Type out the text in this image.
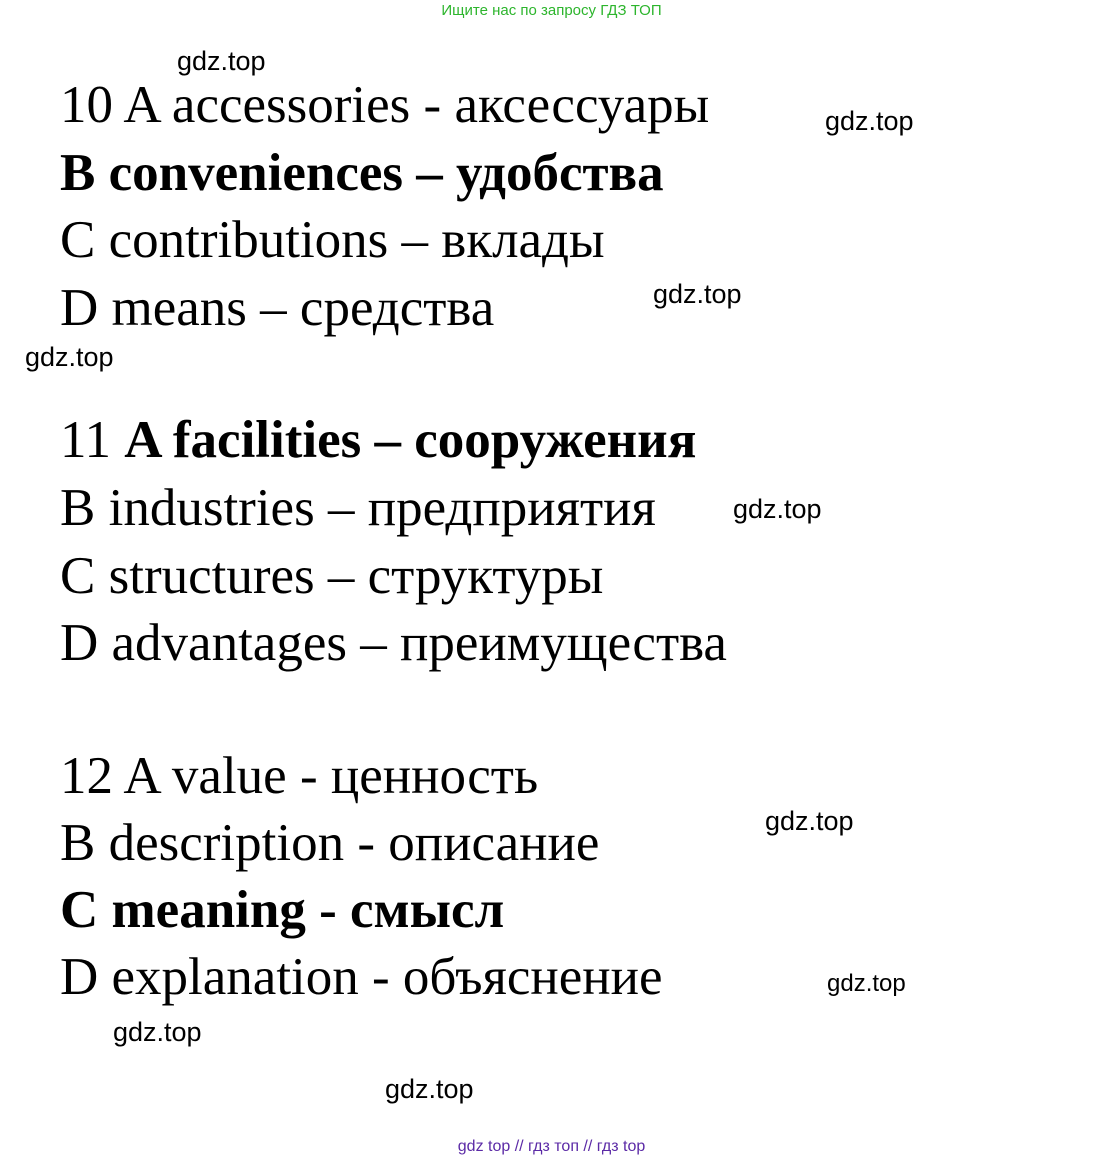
Ищите нас по запросу ГДЗ ТОП
gdz.top
gdz.top
gdz.top
gdz.top
gdz.top
gdz.top
gdz.top
gdz.top
gdz.top
10 A accessories - аксессуары
B conveniences – удобства
C contributions – вклады
D means – средства
11 A facilities – сооружения
B industries – предприятия
C structures – структуры
D advantages – преимущества
12 A value - ценность
B description - описание
C meaning - смысл
D explanation - объяснение
gdz top // гдз топ // гдз top
